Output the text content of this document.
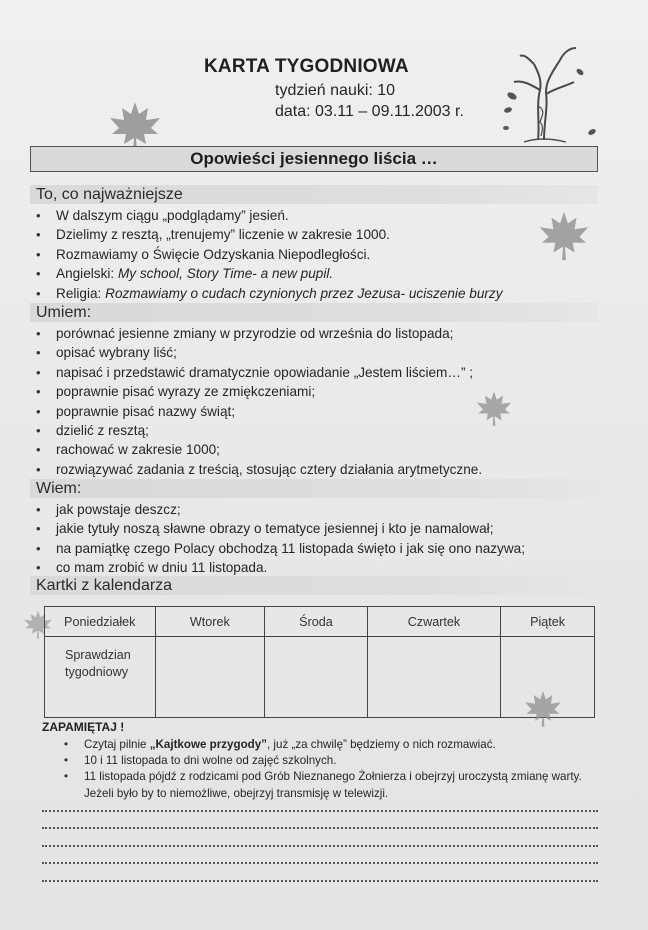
KARTA TYGODNIOWA
tydzień nauki: 10
data: 03.11 – 09.11.2003 r.
Opowieści jesiennego liścia …
To, co najważniejsze
• W dalszym ciągu „podglądamy” jesień.
• Dzielimy z resztą, „trenujemy” liczenie w zakresie 1000.
• Rozmawiamy o Święcie Odzyskania Niepodległości.
• Angielski: My school, Story Time- a new pupil.
• Religia: Rozmawiamy o cudach czynionych przez Jezusa- uciszenie burzy
Umiem:
• porównać jesienne zmiany w przyrodzie od września do listopada;
• opisać wybrany liść;
• napisać i przedstawić dramatycznie opowiadanie „Jestem liściem…” ;
• poprawnie pisać wyrazy ze zmiękczeniami;
• poprawnie pisać nazwy świąt;
• dzielić z resztą;
• rachować w zakresie 1000;
• rozwiązywać zadania z treścią, stosując cztery działania arytmetyczne.
Wiem:
• jak powstaje deszcz;
• jakie tytuły noszą sławne obrazy o tematyce jesiennej i kto je namalował;
• na pamiątkę czego Polacy obchodzą 11 listopada święto i jak się ono nazywa;
• co mam zrobić w dniu 11 listopada.
Kartki z kalendarza
Poniedziałek	Wtorek	Środa	Czwartek	Piątek

Sprawdzian
tygodniowy				

ZAPAMIĘTAJ !
• Czytaj pilnie „Kajtkowe przygody”, już „za chwilę” będziemy o nich rozmawiać.
• 10 i 11 listopada to dni wolne od zajęć szkolnych.
• 11 listopada pójdź z rodzicami pod Grób Nieznanego Żołnierza i obejrzyj uroczystą zmianę warty. Jeżeli było by to niemożliwe, obejrzyj transmisję w telewizji.
